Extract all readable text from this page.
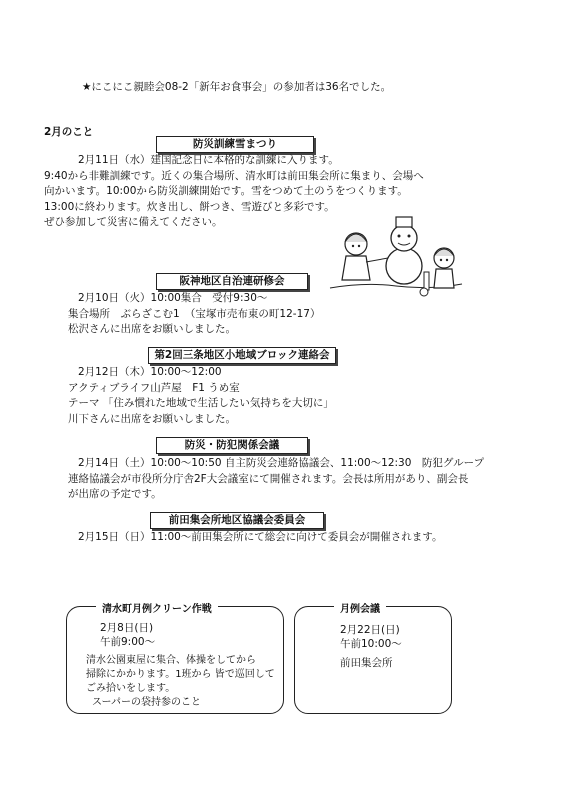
★にこにこ親睦会08-2「新年お食事会」の参加者は36名でした。
2月のこと
防災訓練雪まつり
2月11日（水）建国記念日に本格的な訓練に入ります。
9:40から非難訓練です。近くの集合場所、清水町は前田集会所に集まり、会場へ
向かいます。10:00から防災訓練開始です。雪をつめて土のうをつくります。
13:00に終わります。炊き出し、餅つき、雪遊びと多彩です。
ぜひ参加して災害に備えてください。
阪神地区自治連研修会
2月10日（火）10:00集合　受付9:30～
集合場所　ぶらざこむ1　（宝塚市売布東の町12-17）
松沢さんに出席をお願いしました。
第2回三条地区小地域ブロック連絡会
2月12日（木）10:00～12:00
アクティブライフ山芦屋　F1 うめ室
テーマ 「住み慣れた地域で生活したい気持ちを大切に」
川下さんに出席をお願いしました。
防災・防犯関係会議
2月14日（土）10:00～10:50 自主防災会連絡協議会、11:00～12:30　防犯グループ
連絡協議会が市役所分庁舎2F大会議室にて開催されます。会長は所用があり、副会長
が出席の予定です。
前田集会所地区協議会委員会
2月15日（日）11:00～前田集会所にて総会に向けて委員会が開催されます。
清水町月例クリーン作戦
2月8日(日)
午前9:00～
清水公園東屋に集合、体操をしてから
掃除にかかります。1班から 皆で巡回して
ごみ拾いをします。
スーパーの袋持参のこと
月例会議
2月22日(日)
午前10:00～
前田集会所
